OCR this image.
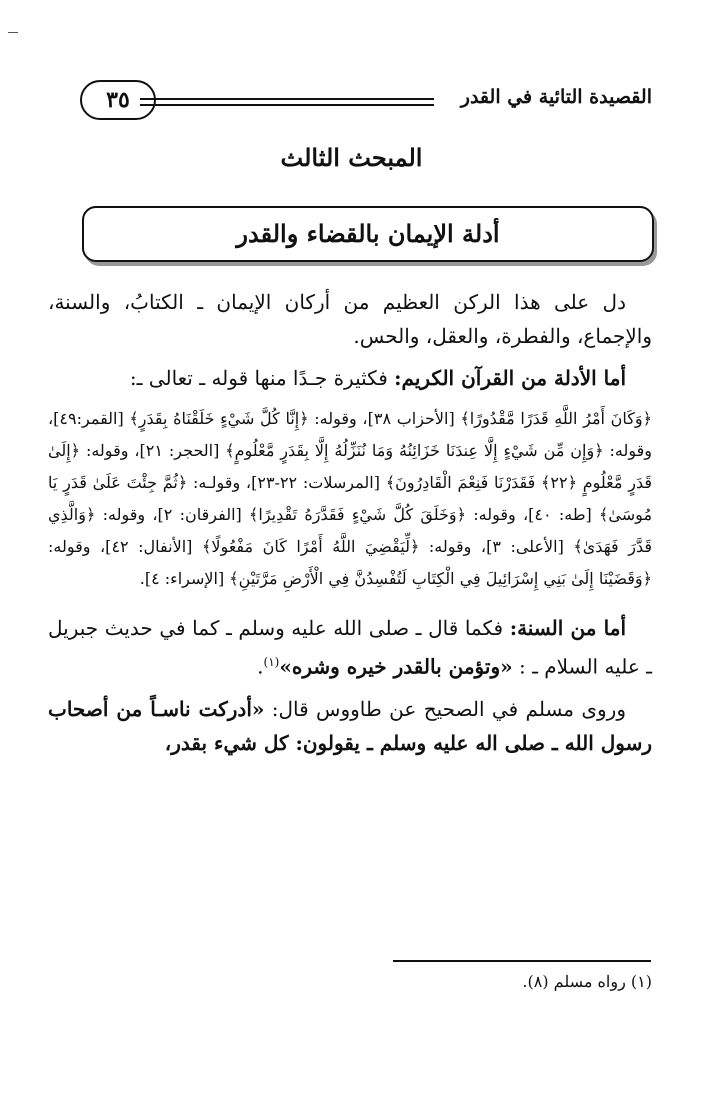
القصيدة التائية في القدر
٣٥
المبحث الثالث
أدلة الإيمان بالقضاء والقدر

دل على هذا الركن العظيم من أركان الإيمان ـ الكتابُ، والسنة، والإجماع، والفطرة، والعقل، والحس.

أما الأدلة من القرآن الكريم: فكثيرة جـدًا منها قوله ـ تعالى ـ:

﴿وَكَانَ أَمْرُ اللَّهِ قَدَرًا مَّقْدُورًا﴾ [الأحزاب ٣٨]، وقوله: ﴿إِنَّا كُلَّ شَيْءٍ خَلَقْنَاهُ بِقَدَرٍ﴾ [القمر:٤٩]، وقوله: ﴿وَإِن مِّن شَيْءٍ إِلَّا عِندَنَا خَزَائِنُهُ وَمَا نُنَزِّلُهُ إِلَّا بِقَدَرٍ مَّعْلُومٍ﴾ [الحجر: ٢١]، وقوله: ﴿إِلَىٰ قَدَرٍ مَّعْلُومٍ ﴿٢٢﴾ فَقَدَرْنَا فَنِعْمَ الْقَادِرُونَ﴾ [المرسلات: ٢٢-٢٣]، وقولـه: ﴿ثُمَّ جِئْتَ عَلَىٰ قَدَرٍ يَا مُوسَىٰ﴾ [طه: ٤٠]، وقوله: ﴿وَخَلَقَ كُلَّ شَيْءٍ فَقَدَّرَهُ تَقْدِيرًا﴾ [الفرقان: ٢]، وقوله: ﴿وَالَّذِي قَدَّرَ فَهَدَىٰ﴾ [الأعلى: ٣]، وقوله: ﴿لِّيَقْضِيَ اللَّهُ أَمْرًا كَانَ مَفْعُولًا﴾ [الأنفال: ٤٢]، وقوله: ﴿وَقَضَيْنَا إِلَىٰ بَنِي إِسْرَائِيلَ فِي الْكِتَابِ لَتُفْسِدُنَّ فِي الْأَرْضِ مَرَّتَيْنِ﴾ [الإسراء: ٤].

أما من السنة: فكما قال ـ صلى الله عليه وسلم ـ كما في حديث جبريل ـ عليه السلام ـ : «وتؤمن بالقدر خيره وشره»$^{(١)}$.

وروى مسلم في الصحيح عن طاووس قال: «أدركت ناسـاً من أصحاب رسول الله ـ صلى اله عليه وسلم ـ يقولون: كل شيء بقدر،

(١) رواه مسلم (٨).
